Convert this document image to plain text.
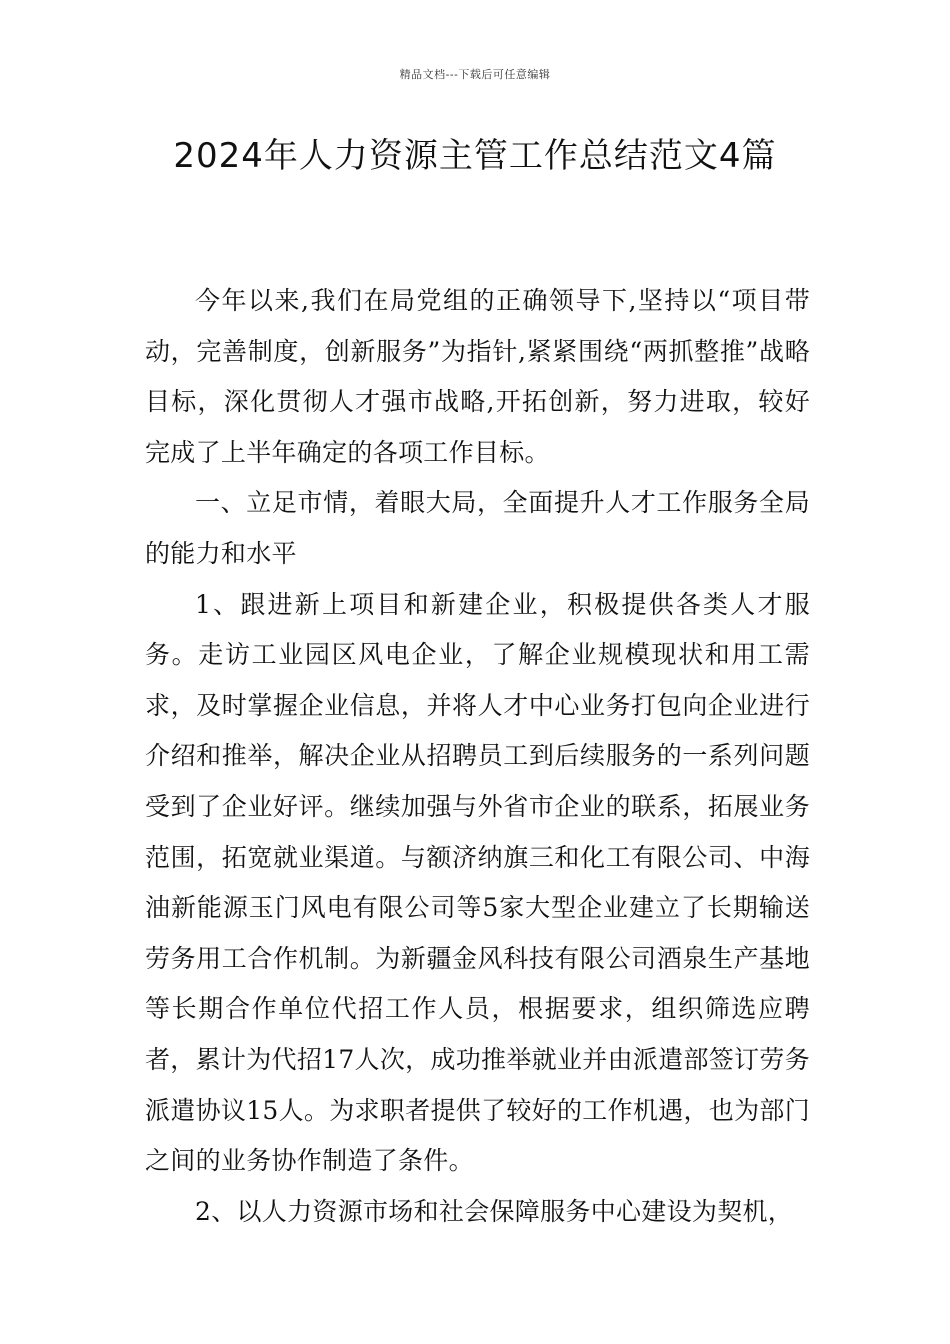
精品文档---下载后可任意编辑
2024年人力资源主管工作总结范文4篇

今年以来,我们在局党组的正确领导下,坚持以“项目带动，完善制度，创新服务”为指针,紧紧围绕“两抓整推”战略目标，深化贯彻人才强市战略,开拓创新，努力进取，较好完成了上半年确定的各项工作目标。

一、立足市情，着眼大局，全面提升人才工作服务全局的能力和水平

1、跟进新上项目和新建企业，积极提供各类人才服务。走访工业园区风电企业，了解企业规模现状和用工需求，及时掌握企业信息，并将人才中心业务打包向企业进行介绍和推举，解决企业从招聘员工到后续服务的一系列问题受到了企业好评。继续加强与外省市企业的联系，拓展业务范围，拓宽就业渠道。与额济纳旗三和化工有限公司、中海油新能源玉门风电有限公司等5家大型企业建立了长期输送劳务用工合作机制。为新疆金风科技有限公司酒泉生产基地等长期合作单位代招工作人员，根据要求，组织筛选应聘者，累计为代招17人次，成功推举就业并由派遣部签订劳务派遣协议15人。为求职者提供了较好的工作机遇，也为部门之间的业务协作制造了条件。

2、以人力资源市场和社会保障服务中心建设为契机，
